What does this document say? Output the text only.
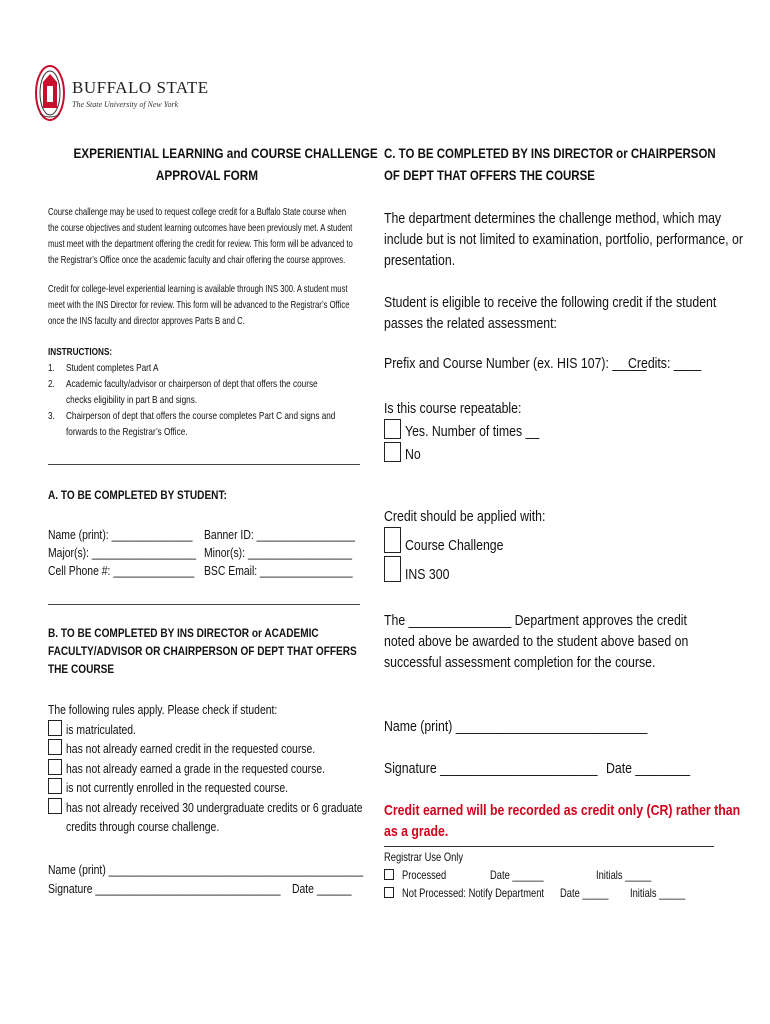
BUFFALO STATE
The State University of New York
EXPERIENTIAL LEARNING and COURSE CHALLENGE
APPROVAL FORM
Course challenge may be used to request college credit for a Buffalo State course when
the course objectives and student learning outcomes have been previously met. A student
must meet with the department offering the credit for review. This form will be advanced to
the Registrar’s Office once the academic faculty and chair offering the course approves.
Credit for college-level experiential learning is available through INS 300. A student must
meet with the INS Director for review. This form will be advanced to the Registrar’s Office
once the INS faculty and director approves Parts B and C.
INSTRUCTIONS:
1. Student completes Part A
2. Academic faculty/advisor or chairperson of dept that offers the course
checks eligibility in part B and signs.
3. Chairperson of dept that offers the course completes Part C and signs and
forwards to the Registrar’s Office.
A. TO BE COMPLETED BY STUDENT:
Name (print): ______________ Banner ID: _________________
Major(s): __________________ Minor(s): __________________
Cell Phone #: ______________ BSC Email: ________________
B. TO BE COMPLETED BY INS DIRECTOR or ACADEMIC
FACULTY/ADVISOR OR CHAIRPERSON OF DEPT THAT OFFERS
THE COURSE
The following rules apply. Please check if student:
is matriculated.
has not already earned credit in the requested course.
has not already earned a grade in the requested course.
is not currently enrolled in the requested course.
has not already received 30 undergraduate credits or 6 graduate
credits through course challenge.
Name (print) ____________________________________________
Signature ________________________________ Date ______
C. TO BE COMPLETED BY INS DIRECTOR or CHAIRPERSON
OF DEPT THAT OFFERS THE COURSE
The department determines the challenge method, which may
include but is not limited to examination, portfolio, performance, or
presentation.
Student is eligible to receive the following credit if the student
passes the related assessment:
Prefix and Course Number (ex. HIS 107): _____
Credits: ____
Is this course repeatable:
Yes. Number of times __
No
Credit should be applied with:
Course Challenge
INS 300
The _______________ Department approves the credit
noted above be awarded to the student above based on
successful assessment completion for the course.
Name (print) ____________________________
Signature _______________________ Date ________
Credit earned will be recorded as credit only (CR) rather than
as a grade.
Registrar Use Only
Processed	Date ______	Initials _____
Not Processed: Notify Department	Date _____ Initials _____
